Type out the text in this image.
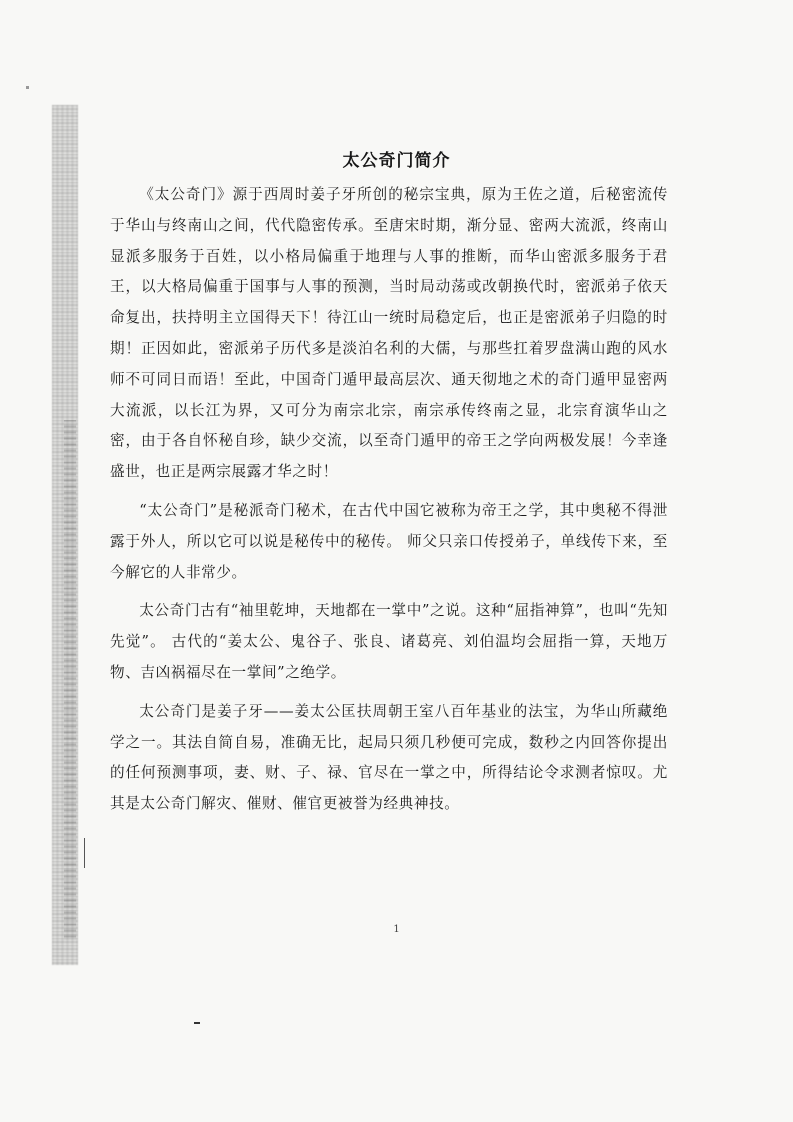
太公奇门简介

《太公奇门》源于西周时姜子牙所创的秘宗宝典，原为王佐之道，后秘密流传于华山与终南山之间，代代隐密传承。至唐宋时期，渐分显、密两大流派，终南山显派多服务于百姓，以小格局偏重于地理与人事的推断，而华山密派多服务于君王，以大格局偏重于国事与人事的预测，当时局动荡或改朝换代时，密派弟子依天命复出，扶持明主立国得天下！待江山一统时局稳定后，也正是密派弟子归隐的时期！正因如此，密派弟子历代多是淡泊名利的大儒，与那些扛着罗盘满山跑的风水师不可同日而语！至此，中国奇门遁甲最高层次、通天彻地之术的奇门遁甲显密两大流派，以长江为界，又可分为南宗北宗，南宗承传终南之显，北宗育演华山之密，由于各自怀秘自珍，缺少交流，以至奇门遁甲的帝王之学向两极发展！今幸逢盛世，也正是两宗展露才华之时！

“太公奇门”是秘派奇门秘术，在古代中国它被称为帝王之学，其中奥秘不得泄露于外人，所以它可以说是秘传中的秘传。 师父只亲口传授弟子，单线传下来，至今解它的人非常少。

太公奇门古有“袖里乾坤，天地都在一掌中”之说。这种“屈指神算”，也叫“先知先觉”。 古代的“姜太公、鬼谷子、张良、诸葛亮、刘伯温均会屈指一算，天地万物、吉凶祸福尽在一掌间”之绝学。

太公奇门是姜子牙——姜太公匡扶周朝王室八百年基业的法宝，为华山所藏绝学之一。其法自简自易，准确无比，起局只须几秒便可完成，数秒之内回答你提出的任何预测事项，妻、财、子、禄、官尽在一掌之中，所得结论令求测者惊叹。尤其是太公奇门解灾、催财、催官更被誉为经典神技。

1
